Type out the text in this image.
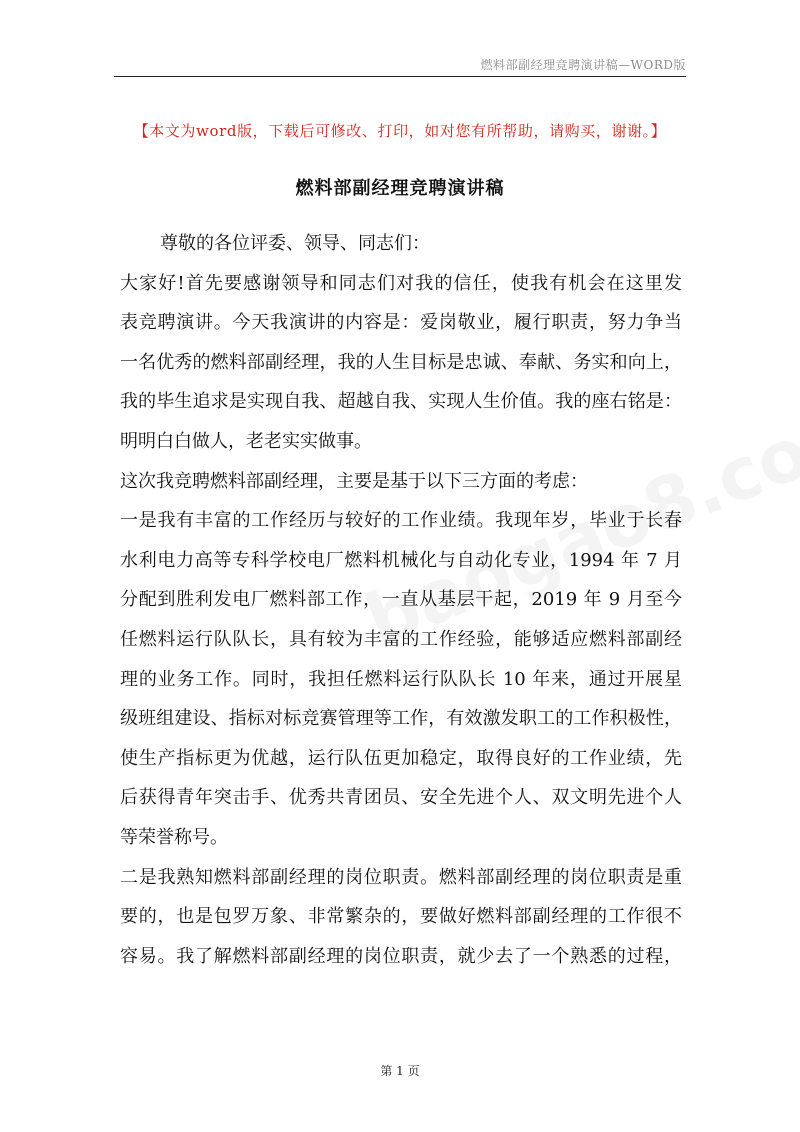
燃料部副经理竞聘演讲稿—WORD版
【本文为word版，下载后可修改、打印，如对您有所帮助，请购买，谢谢。】
燃料部副经理竞聘演讲稿
尊敬的各位评委、领导、同志们：
大家好!首先要感谢领导和同志们对我的信任，使我有机会在这里发
表竞聘演讲。今天我演讲的内容是：爱岗敬业，履行职责，努力争当
一名优秀的燃料部副经理，我的人生目标是忠诚、奉献、务实和向上，
我的毕生追求是实现自我、超越自我、实现人生价值。我的座右铭是：
明明白白做人，老老实实做事。
这次我竞聘燃料部副经理，主要是基于以下三方面的考虑：
一是我有丰富的工作经历与较好的工作业绩。我现年岁，毕业于长春
水利电力高等专科学校电厂燃料机械化与自动化专业，1994 年 7 月
分配到胜利发电厂燃料部工作，一直从基层干起，2019 年 9 月至今
任燃料运行队队长，具有较为丰富的工作经验，能够适应燃料部副经
理的业务工作。同时，我担任燃料运行队队长 10 年来，通过开展星
级班组建设、指标对标竞赛管理等工作，有效激发职工的工作积极性，
使生产指标更为优越，运行队伍更加稳定，取得良好的工作业绩，先
后获得青年突击手、优秀共青团员、安全先进个人、双文明先进个人
等荣誉称号。
二是我熟知燃料部副经理的岗位职责。燃料部副经理的岗位职责是重
要的，也是包罗万象、非常繁杂的，要做好燃料部副经理的工作很不
容易。我了解燃料部副经理的岗位职责，就少去了一个熟悉的过程，
第 1 页
